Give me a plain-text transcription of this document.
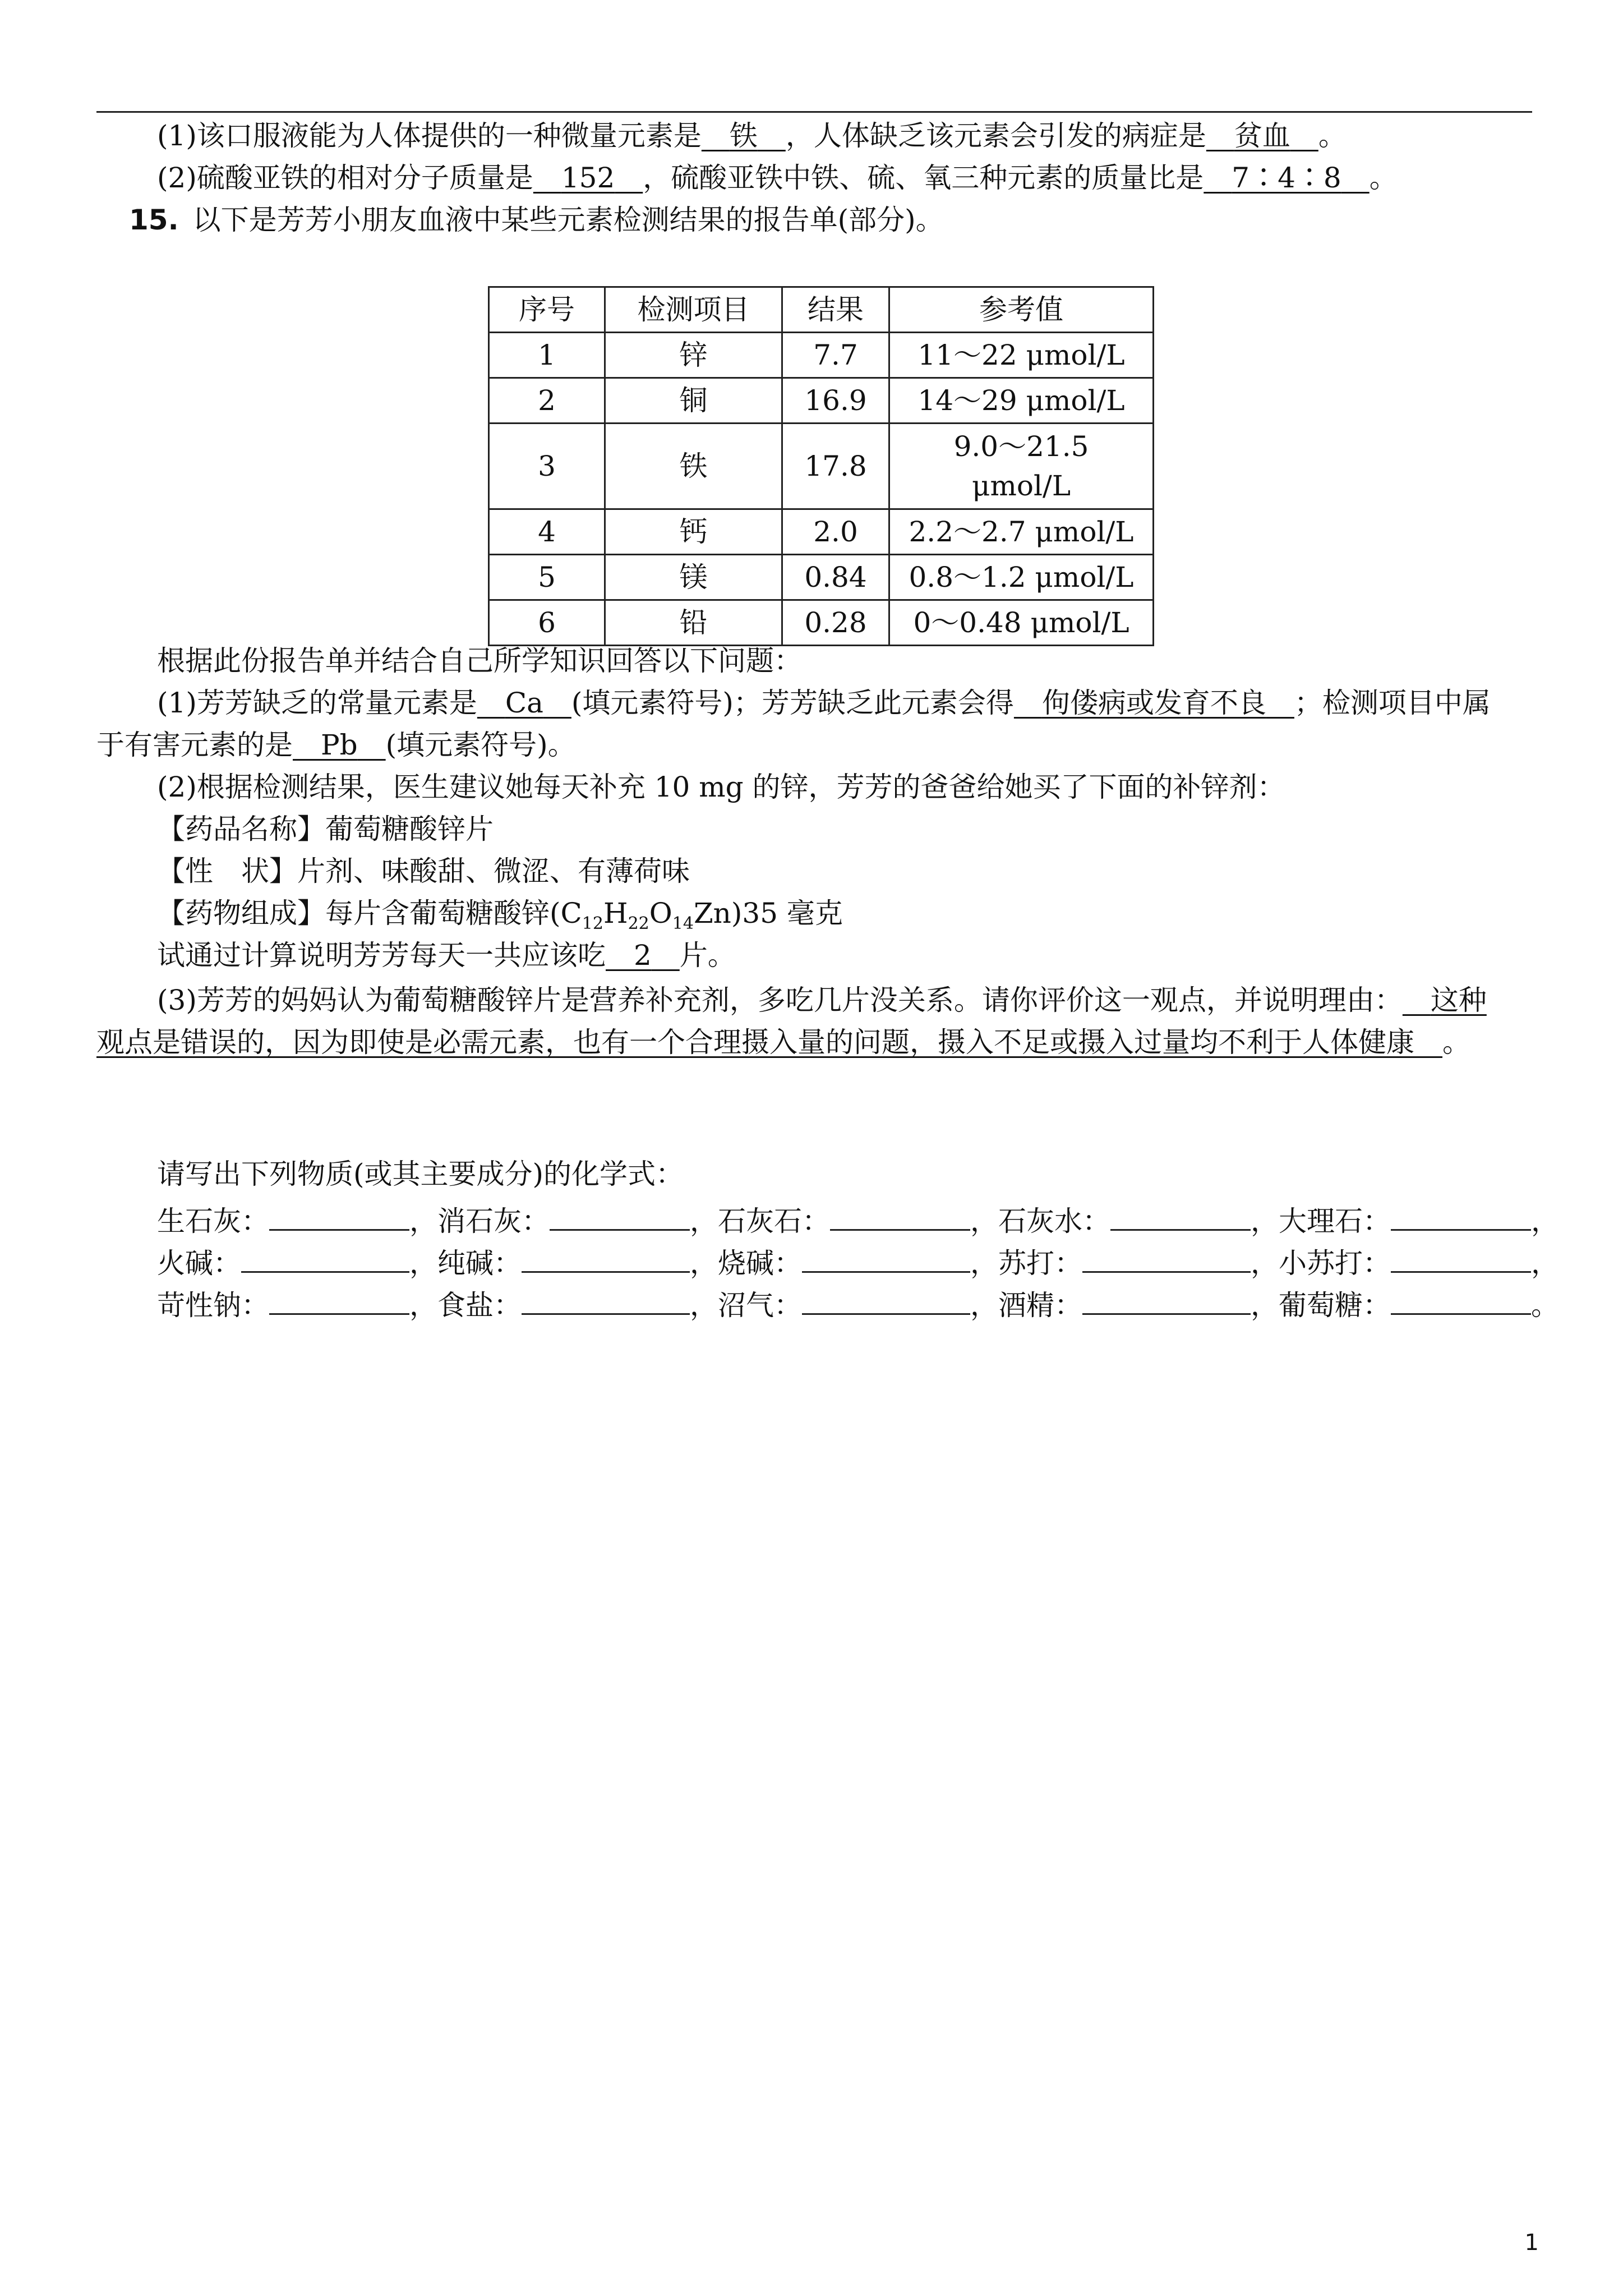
(1)该口服液能为人体提供的一种微量元素是  铁  ，人体缺乏该元素会引发的病症是  贫血  。
(2)硫酸亚铁的相对分子质量是  152  ，硫酸亚铁中铁、硫、氧三种元素的质量比是  7∶4∶8  。
15.  以下是芳芳小朋友血液中某些元素检测结果的报告单(部分)。
序号	检测项目	结果	参考值
1	锌	7.7	11～22 μmol/L
2	铜	16.9	14～29 μmol/L
3	铁	17.8	9.0～21.5
μmol/L

4	钙	2.0	2.2～2.7 μmol/L
5	镁	0.84	0.8～1.2 μmol/L
6	铅	0.28	0～0.48 μmol/L
根据此份报告单并结合自己所学知识回答以下问题：
(1)芳芳缺乏的常量元素是  Ca  (填元素符号)；芳芳缺乏此元素会得  佝偻病或发育不良  ；检测项目中属
于有害元素的是  Pb  (填元素符号)。
(2)根据检测结果，医生建议她每天补充 10 mg 的锌，芳芳的爸爸给她买了下面的补锌剂：
【药品名称】葡萄糖酸锌片
【性　状】片剂、味酸甜、微涩、有薄荷味
【药物组成】每片含葡萄糖酸锌$(C_{12}H_{22}O_{14}Zn)35$ 毫克
试通过计算说明芳芳每天一共应该吃  2  片。
(3)芳芳的妈妈认为葡萄糖酸锌片是营养补充剂，多吃几片没关系。请你评价这一观点，并说明理由：  这种
观点是错误的，因为即使是必需元素，也有一个合理摄入量的问题，摄入不足或摄入过量均不利于人体健康  。
请写出下列物质(或其主要成分)的化学式：
生石灰：	，消石灰：	，石灰石：	，石灰水：	，大理石：	，
火碱：	，纯碱：	，烧碱：	，苏打：	，小苏打：	，
苛性钠：	，食盐：	，沼气：	，酒精：	，葡萄糖：	。
1
